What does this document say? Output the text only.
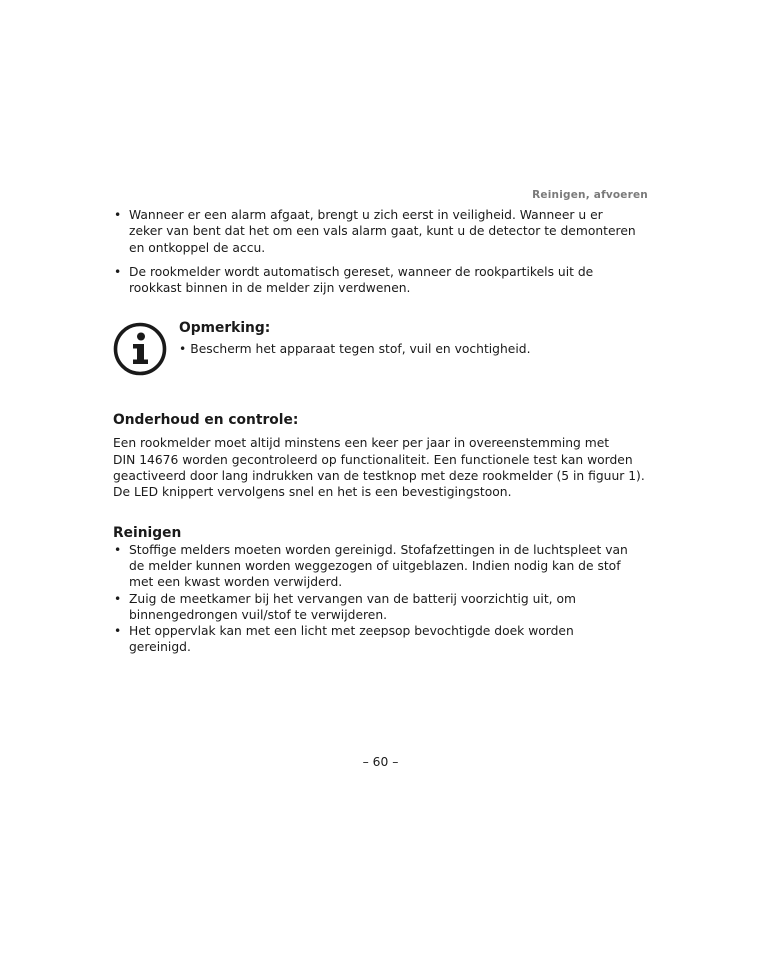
Reinigen, afvoeren
• Wanneer er een alarm afgaat, brengt u zich eerst in veiligheid. Wanneer u er
zeker van bent dat het om een vals alarm gaat, kunt u de detector te demonteren
en ontkoppel de accu.
• De rookmelder wordt automatisch gereset, wanneer de rookpartikels uit de
rookkast binnen in de melder zijn verdwenen.
Opmerking:
• Bescherm het apparaat tegen stof, vuil en vochtigheid.
Onderhoud en controle:
Een rookmelder moet altijd minstens een keer per jaar in overeenstemming met
DIN 14676 worden gecontroleerd op functionaliteit. Een functionele test kan worden
geactiveerd door lang indrukken van de testknop met deze rookmelder (5 in figuur 1).
De LED knippert vervolgens snel en het is een bevestigingstoon.
Reinigen
• Stoffige melders moeten worden gereinigd. Stofafzettingen in de luchtspleet van
de melder kunnen worden weggezogen of uitgeblazen. Indien nodig kan de stof
met een kwast worden verwijderd.
• Zuig de meetkamer bij het vervangen van de batterij voorzichtig uit, om
binnengedrongen vuil/stof te verwijderen.
• Het oppervlak kan met een licht met zeepsop bevochtigde doek worden
gereinigd.
– 60 –
